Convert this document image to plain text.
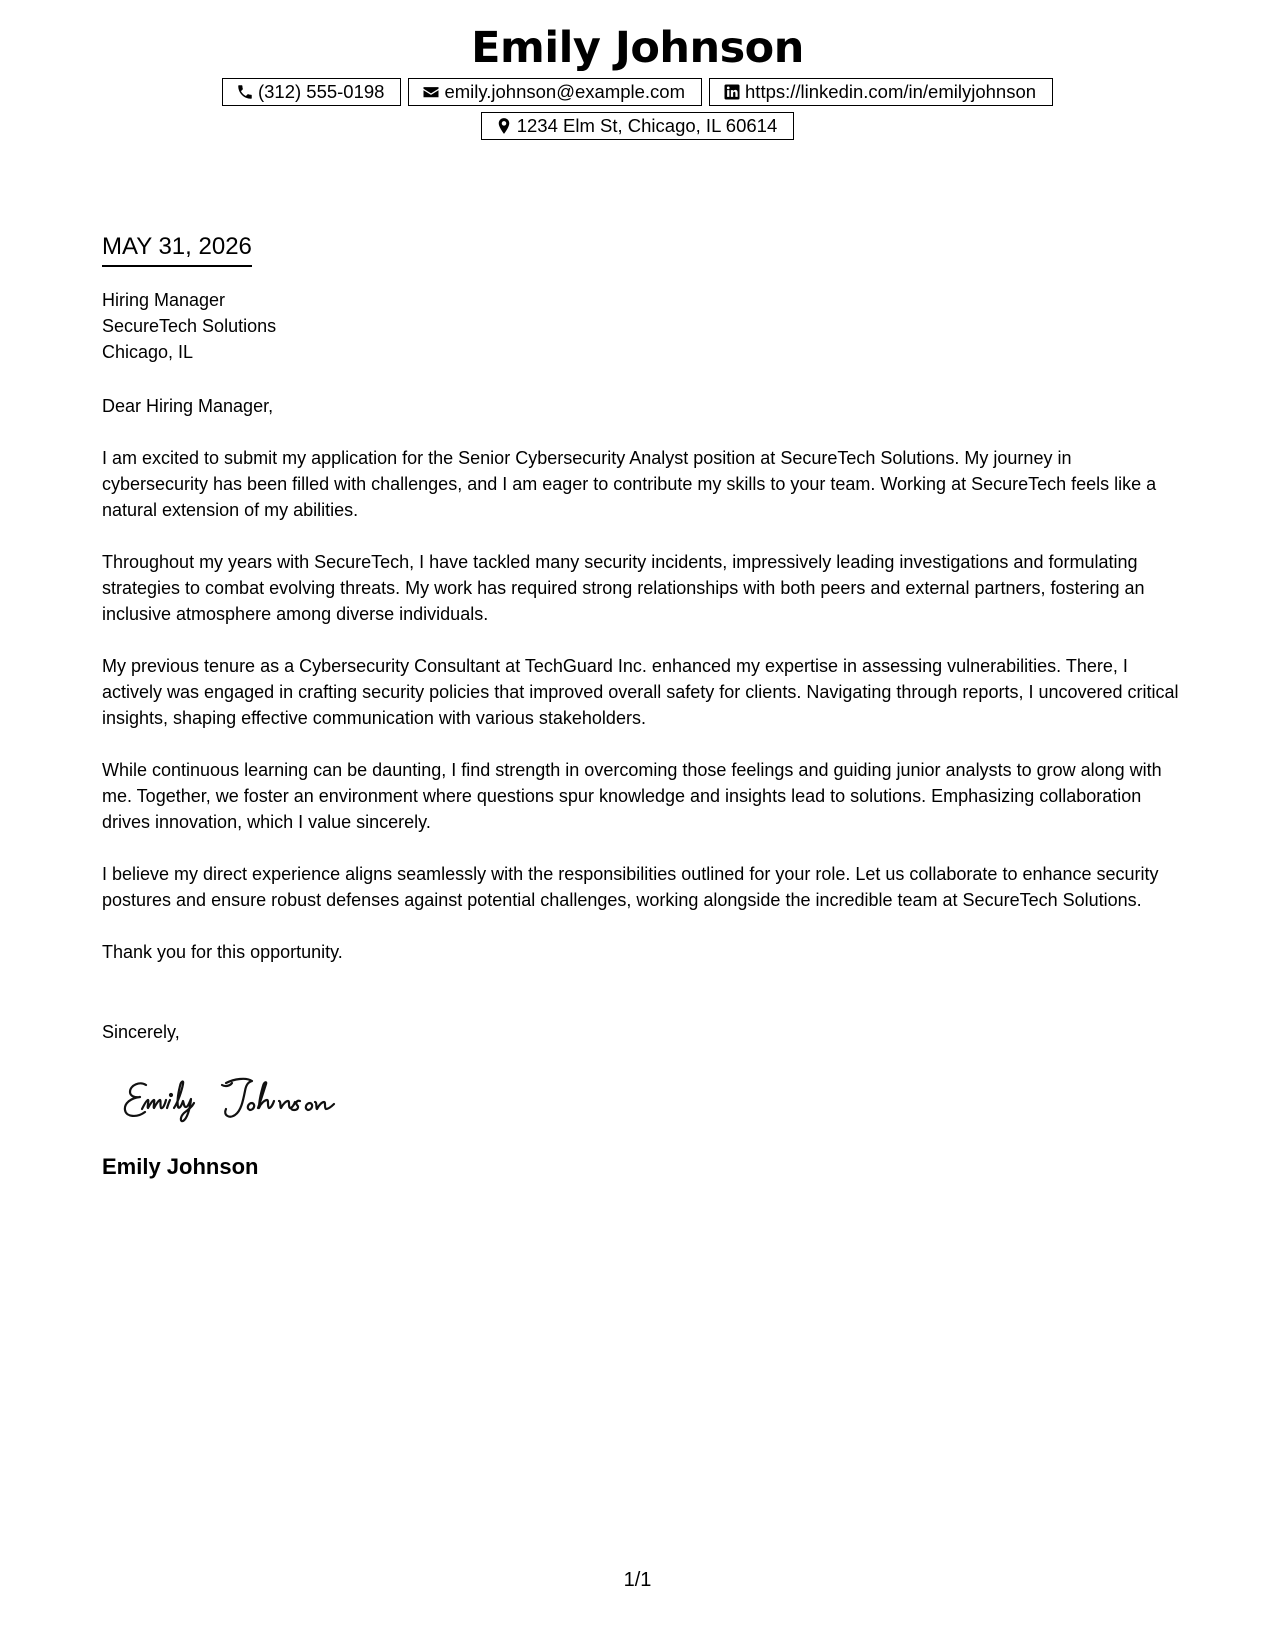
Emily Johnson
(312) 555-0198	emily.johnson@example.com	https://linkedin.com/in/emilyjohnson
1234 Elm St, Chicago, IL 60614
MAY 31, 2026

Hiring Manager

SecureTech Solutions

Chicago, IL

Dear Hiring Manager,

I am excited to submit my application for the Senior Cybersecurity Analyst position at SecureTech Solutions. My journey in cybersecurity has been filled with challenges, and I am eager to contribute my skills to your team. Working at SecureTech feels like a natural extension of my abilities.

Throughout my years with SecureTech, I have tackled many security incidents, impressively leading investigations and formulating strategies to combat evolving threats. My work has required strong relationships with both peers and external partners, fostering an inclusive atmosphere among diverse individuals.

My previous tenure as a Cybersecurity Consultant at TechGuard Inc. enhanced my expertise in assessing vulnerabilities. There, I actively was engaged in crafting security policies that improved overall safety for clients. Navigating through reports, I uncovered critical insights, shaping effective communication with various stakeholders.

While continuous learning can be daunting, I find strength in overcoming those feelings and guiding junior analysts to grow along with me. Together, we foster an environment where questions spur knowledge and insights lead to solutions. Emphasizing collaboration drives innovation, which I value sincerely.

I believe my direct experience aligns seamlessly with the responsibilities outlined for your role. Let us collaborate to enhance security postures and ensure robust defenses against potential challenges, working alongside the incredible team at SecureTech Solutions.

Thank you for this opportunity.

Sincerely,

Emily Johnson
1/1
